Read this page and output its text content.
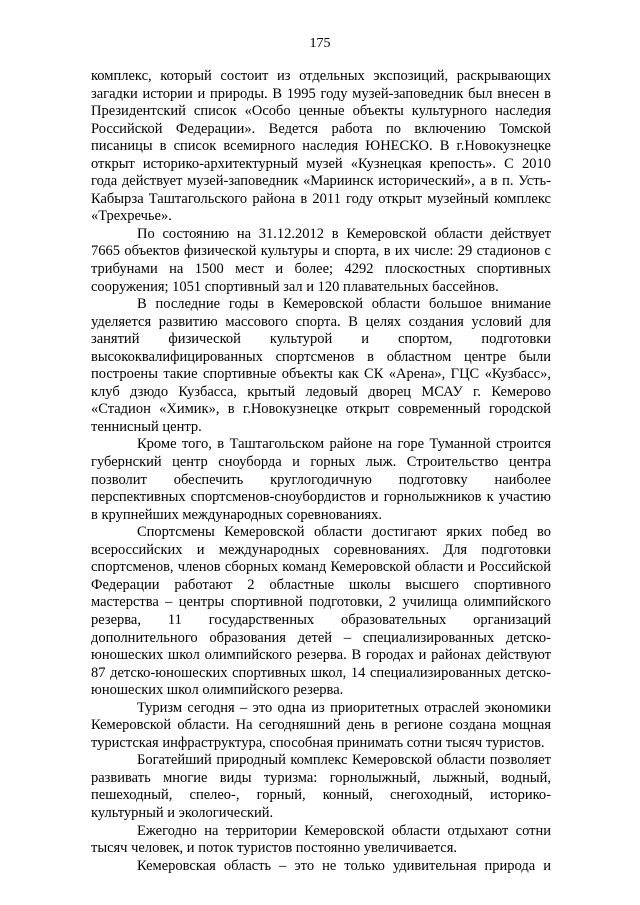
175

комплекс, который состоит из отдельных экспозиций, раскрывающих загадки истории и природы. В 1995 году музей-заповедник был внесен в Президентский список «Особо ценные объекты культурного наследия Российской Федерации». Ведется работа по включению Томской писаницы в список всемирного наследия ЮНЕСКО. В г.Новокузнецке открыт историко-архитектурный музей «Кузнецкая крепость». С 2010 года действует музей-заповедник «Мариинск исторический», а в п. Усть-Кабырза Таштагольского района в 2011 году открыт музейный комплекс «Трехречье».

По состоянию на 31.12.2012 в Кемеровской области действует 7665 объектов физической культуры и спорта, в их числе: 29 стадионов с трибунами на 1500 мест и более; 4292 плоскостных спортивных сооружения; 1051 спортивный зал и 120 плавательных бассейнов.

В последние годы в Кемеровской области большое внимание уделяется развитию массового спорта. В целях создания условий для занятий физической культурой и спортом, подготовки высококвалифицированных спортсменов в областном центре были построены такие спортивные объекты как СК «Арена», ГЦС «Кузбасс», клуб дзюдо Кузбасса, крытый ледовый дворец МСАУ г. Кемерово «Стадион «Химик», в г.Новокузнецке открыт современный городской теннисный центр.

Кроме того, в Таштагольском районе на горе Туманной строится губернский центр сноуборда и горных лыж. Строительство центра позволит обеспечить круглогодичную подготовку наиболее перспективных спортсменов-сноубордистов и горнолыжников к участию в крупнейших международных соревнованиях.

Спортсмены Кемеровской области достигают ярких побед во всероссийских и международных соревнованиях. Для подготовки спортсменов, членов сборных команд Кемеровской области и Российской Федерации работают 2 областные школы высшего спортивного мастерства – центры спортивной подготовки, 2 училища олимпийского резерва, 11 государственных образовательных организаций дополнительного образования детей – специализированных детско-юношеских школ олимпийского резерва. В городах и районах действуют 87 детско-юношеских спортивных школ, 14 специализированных детско-юношеских школ олимпийского резерва.

Туризм сегодня – это одна из приоритетных отраслей экономики Кемеровской области. На сегодняшний день в регионе создана мощная туристская инфраструктура, способная принимать сотни тысяч туристов.

Богатейший природный комплекс Кемеровской области позволяет развивать многие виды туризма: горнолыжный, лыжный, водный, пешеходный, спелео-, горный, конный, снегоходный, историко-культурный и экологический.

Ежегодно на территории Кемеровской области отдыхают сотни тысяч человек, и поток туристов постоянно увеличивается.

Кемеровская область – это не только удивительная природа и
